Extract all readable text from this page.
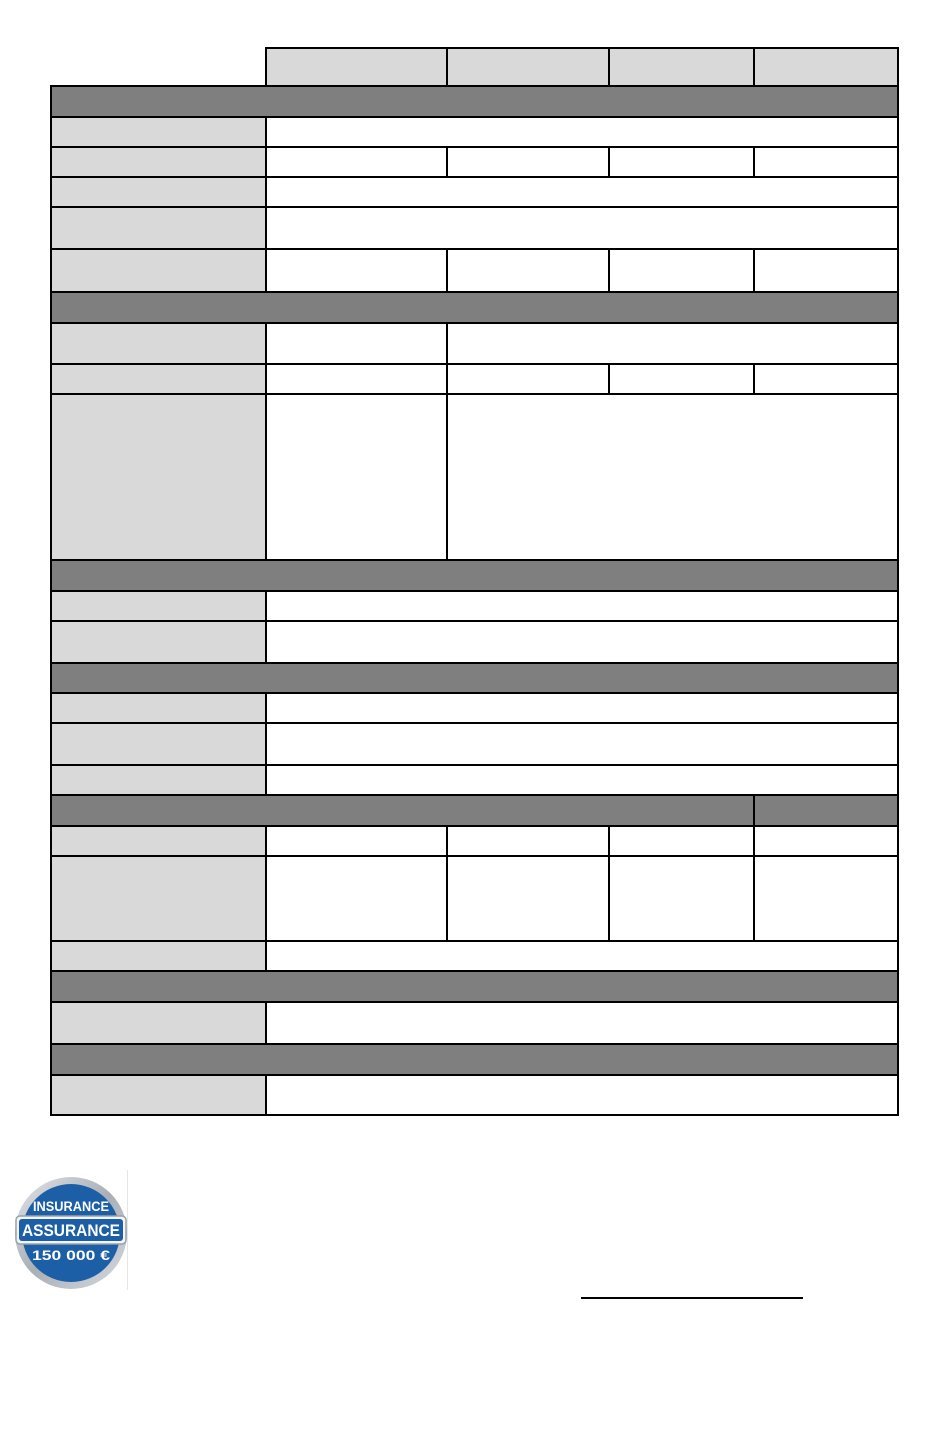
INSURANCE
ASSURANCE
150 000 €
